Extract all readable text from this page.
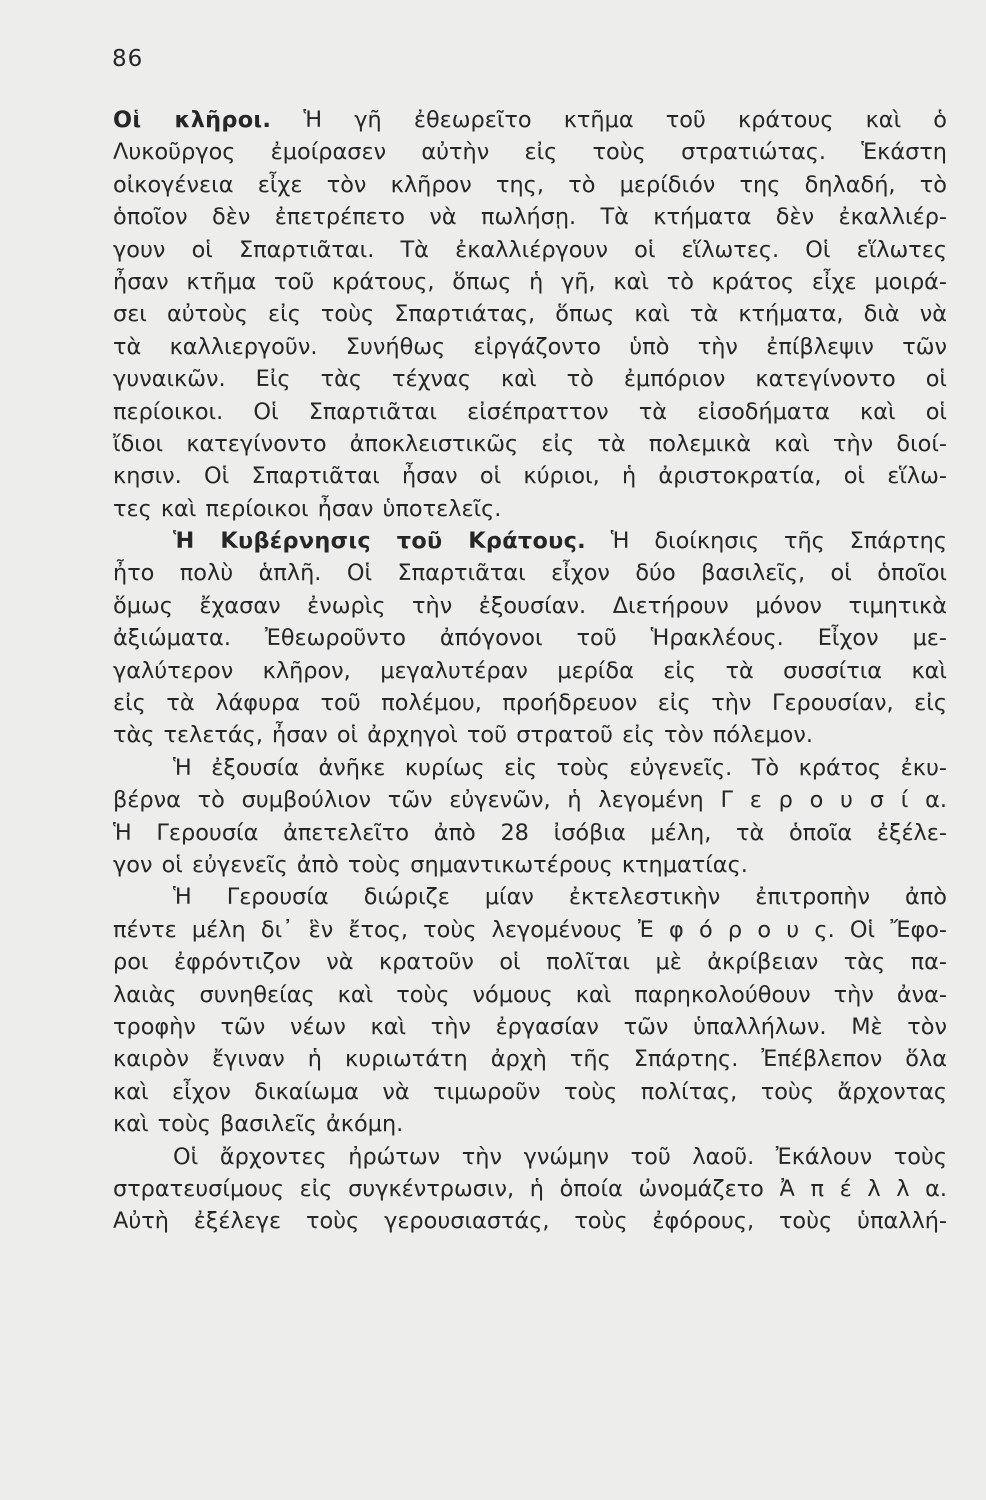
86
Οἱ κλῆροι. Ἡ γῆ ἐθεωρεῖτο κτῆμα τοῦ κράτους καὶ ὁ
Λυκοῦργος ἐμοίρασεν αὐτὴν εἰς τοὺς στρατιώτας. Ἑκάστη
οἰκογένεια εἶχε τὸν κλῆρον της, τὸ μερίδιόν της δηλαδή, τὸ
ὁποῖον δὲν ἐπετρέπετο νὰ πωλήσῃ. Τὰ κτήματα δὲν ἐκαλλιέρ-
γουν οἱ Σπαρτιᾶται. Τὰ ἐκαλλιέργουν οἱ εἵλωτες. Οἱ εἵλωτες
ἦσαν κτῆμα τοῦ κράτους, ὅπως ἡ γῆ, καὶ τὸ κράτος εἶχε μοιρά-
σει αὐτοὺς εἰς τοὺς Σπαρτιάτας, ὅπως καὶ τὰ κτήματα, διὰ νὰ
τὰ καλλιεργοῦν. Συνήθως εἰργάζοντο ὑπὸ τὴν ἐπίβλεψιν τῶν
γυναικῶν. Εἰς τὰς τέχνας καὶ τὸ ἐμπόριον κατεγίνοντο οἱ
περίοικοι. Οἱ Σπαρτιᾶται εἰσέπραττον τὰ εἰσοδήματα καὶ οἱ
ἴδιοι κατεγίνοντο ἀποκλειστικῶς εἰς τὰ πολεμικὰ καὶ τὴν διοί-
κησιν. Οἱ Σπαρτιᾶται ἦσαν οἱ κύριοι, ἡ ἀριστοκρατία, οἱ εἵλω-
τες καὶ περίοικοι ἦσαν ὑποτελεῖς.
Ἡ Κυβέρνησις τοῦ Κράτους. Ἡ διοίκησις τῆς Σπάρτης
ἦτο πολὺ ἁπλῆ. Οἱ Σπαρτιᾶται εἶχον δύο βασιλεῖς, οἱ ὁποῖοι
ὅμως ἔχασαν ἐνωρὶς τὴν ἐξουσίαν. Διετήρουν μόνον τιμητικὰ
ἀξιώματα. Ἐθεωροῦντο ἀπόγονοι τοῦ Ἡρακλέους. Εἶχον με-
γαλύτερον κλῆρον, μεγαλυτέραν μερίδα εἰς τὰ συσσίτια καὶ
εἰς τὰ λάφυρα τοῦ πολέμου, προήδρευον εἰς τὴν Γερουσίαν, εἰς
τὰς τελετάς, ἦσαν οἱ ἀρχηγοὶ τοῦ στρατοῦ εἰς τὸν πόλεμον.
Ἡ ἐξουσία ἀνῆκε κυρίως εἰς τοὺς εὐγενεῖς. Τὸ κράτος ἐκυ-
βέρνα τὸ συμβούλιον τῶν εὐγενῶν, ἡ λεγομένη Γ ε ρ ο υ σ ί α.
Ἡ Γερουσία ἀπετελεῖτο ἀπὸ 28 ἰσόβια μέλη, τὰ ὁποῖα ἐξέλε-
γον οἱ εὐγενεῖς ἀπὸ τοὺς σημαντικωτέρους κτηματίας.
Ἡ Γερουσία διώριζε μίαν ἐκτελεστικὴν ἐπιτροπὴν ἀπὸ
πέντε μέλη δι᾽ ἓν ἔτος, τοὺς λεγομένους Ἐ φ ό ρ ο υ ς. Οἱ Ἔφο-
ροι ἐφρόντιζον νὰ κρατοῦν οἱ πολῖται μὲ ἀκρίβειαν τὰς πα-
λαιὰς συνηθείας καὶ τοὺς νόμους καὶ παρηκολούθουν τὴν ἀνα-
τροφὴν τῶν νέων καὶ τὴν ἐργασίαν τῶν ὑπαλλήλων. Μὲ τὸν
καιρὸν ἔγιναν ἡ κυριωτάτη ἀρχὴ τῆς Σπάρτης. Ἐπέβλεπον ὅλα
καὶ εἶχον δικαίωμα νὰ τιμωροῦν τοὺς πολίτας, τοὺς ἄρχοντας
καὶ τοὺς βασιλεῖς ἀκόμη.
Οἱ ἄρχοντες ἠρώτων τὴν γνώμην τοῦ λαοῦ. Ἐκάλουν τοὺς
στρατευσίμους εἰς συγκέντρωσιν, ἡ ὁποία ὠνομάζετο Ἀ π έ λ λ α.
Αὐτὴ ἐξέλεγε τοὺς γερουσιαστάς, τοὺς ἐφόρους, τοὺς ὑπαλλή-
